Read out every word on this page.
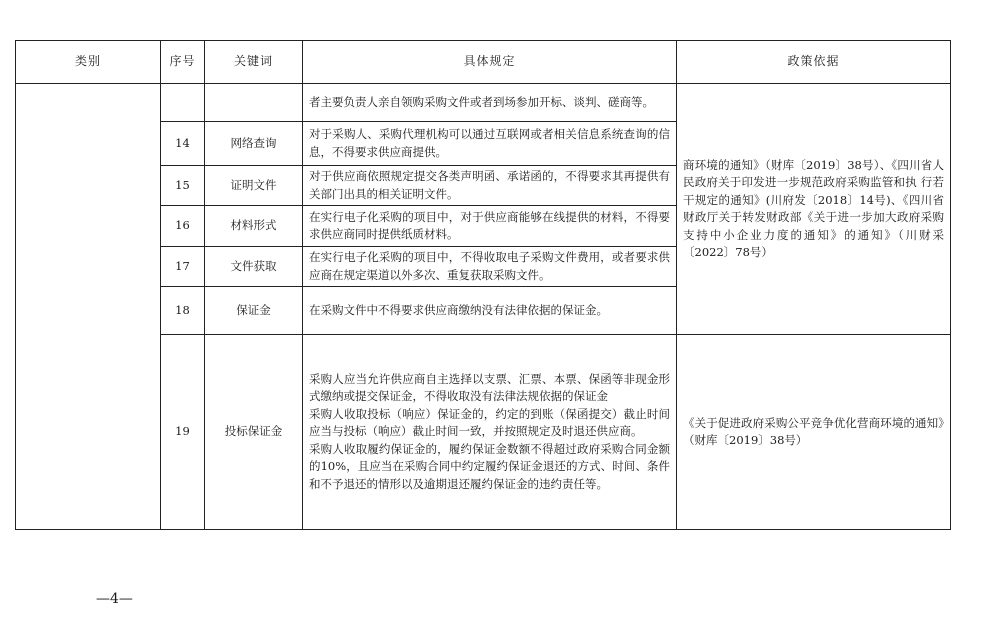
类别	序号	关键词	具体规定	政策依据
			者主要负责人亲自领购采购文件或者到场参加开标、谈判、磋商等。	商环境的通知》（财库〔2019〕38号）、《四川省人民政府关于印发进一步规范政府采购监管和执 行若干规定的通知》(川府发〔2018〕14号)、《四川省财政厅关于转发财政部《关于进一步加大政府采购支持中小企业力度的通知》的通知》（川财采〔2022〕78号）
	14	网络查询	对于采购人、采购代理机构可以通过互联网或者相关信息系统查询的信息，不得要求供应商提供。	
	15	证明文件	对于供应商依照规定提交各类声明函、承诺函的，不得要求其再提供有关部门出具的相关证明文件。	
	16	材料形式	在实行电子化采购的项目中，对于供应商能够在线提供的材料，不得要求供应商同时提供纸质材料。	
	17	文件获取	在实行电子化采购的项目中，不得收取电子采购文件费用，或者要求供应商在规定渠道以外多次、重复获取采购文件。	
	18	保证金	在采购文件中不得要求供应商缴纳没有法律依据的保证金。	
	19	投标保证金	采购人应当允许供应商自主选择以支票、汇票、本票、保函等非现金形式缴纳或提交保证金，不得收取没有法律法规依据的保证金
采购人收取投标（响应）保证金的，约定的到账（保函提交）截止时间应当与投标（响应）截止时间一致，并按照规定及时退还供应商。
采购人收取履约保证金的，履约保证金数额不得超过政府采购合同金额的10%，且应当在采购合同中约定履约保证金退还的方式、时间、条件和不予退还的情形以及逾期退还履约保证金的违约责任等。	《关于促进政府采购公平竞争优化营商环境的通知》（财库〔2019〕38号）
—4—
